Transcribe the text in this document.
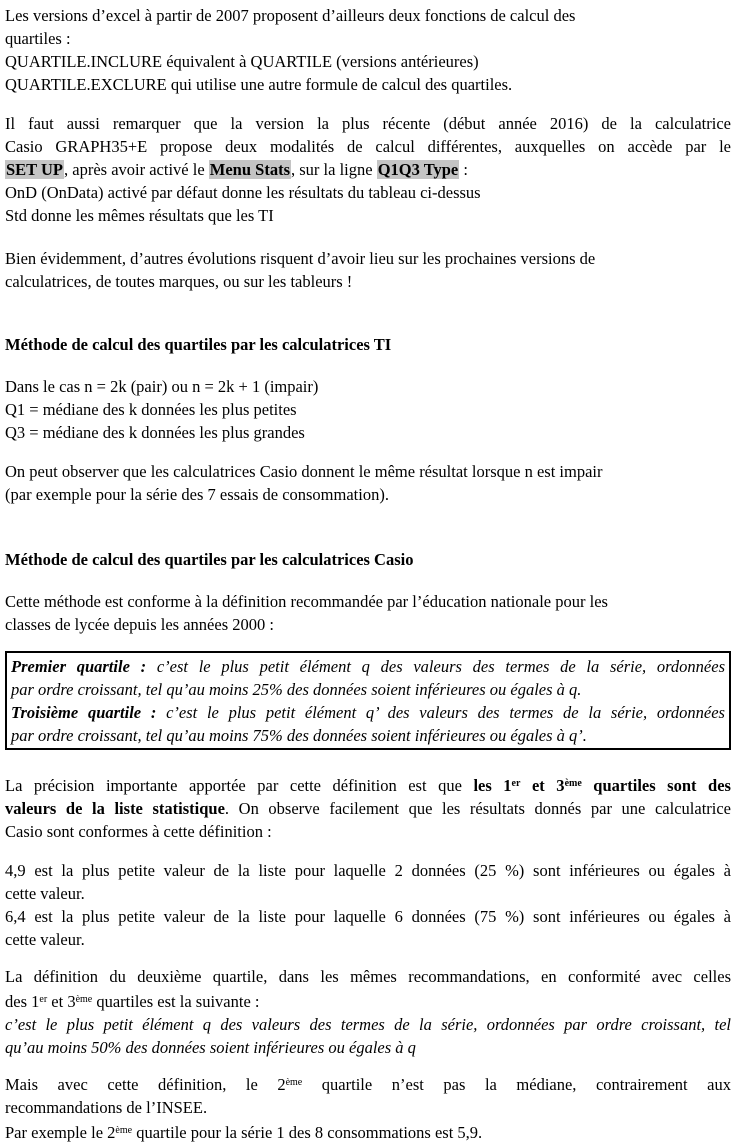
Les versions d’excel à partir de 2007 proposent d’ailleurs deux fonctions de calcul des
quartiles :
QUARTILE.INCLURE équivalent à QUARTILE (versions antérieures)
QUARTILE.EXCLURE qui utilise une autre formule de calcul des quartiles.
Il faut aussi remarquer que la version la plus récente (début année 2016) de la calculatrice
Casio GRAPH35+E propose deux modalités de calcul différentes, auxquelles on accède par le
SET UP, après avoir activé le Menu Stats, sur la ligne Q1Q3 Type :
OnD (OnData) activé par défaut donne les résultats du tableau ci-dessus
Std donne les mêmes résultats que les TI
Bien évidemment, d’autres évolutions risquent d’avoir lieu sur les prochaines versions de
calculatrices, de toutes marques, ou sur les tableurs !
Méthode de calcul des quartiles par les calculatrices TI
Dans le cas n = 2k (pair) ou n = 2k + 1 (impair)
Q1 = médiane des k données les plus petites
Q3 = médiane des k données les plus grandes
On peut observer que les calculatrices Casio donnent le même résultat lorsque n est impair
(par exemple pour la série des 7 essais de consommation).
Méthode de calcul des quartiles par les calculatrices Casio
Cette méthode est conforme à la définition recommandée par l’éducation nationale pour les
classes de lycée depuis les années 2000 :
Premier quartile : c’est le plus petit élément q des valeurs des termes de la série, ordonnées
par ordre croissant, tel qu’au moins 25% des données soient inférieures ou égales à q.
Troisième quartile : c’est le plus petit élément q’ des valeurs des termes de la série, ordonnées
par ordre croissant, tel qu’au moins 75% des données soient inférieures ou égales à q’.
La précision importante apportée par cette définition est que les 1er et 3ème quartiles sont des
valeurs de la liste statistique. On observe facilement que les résultats donnés par une calculatrice
Casio sont conformes à cette définition :
4,9 est la plus petite valeur de la liste pour laquelle 2 données (25 %) sont inférieures ou égales à
cette valeur.
6,4 est la plus petite valeur de la liste pour laquelle 6 données (75 %) sont inférieures ou égales à
cette valeur.
La définition du deuxième quartile, dans les mêmes recommandations, en conformité avec celles
des 1er et 3ème quartiles est la suivante :
c’est le plus petit élément q des valeurs des termes de la série, ordonnées par ordre croissant, tel
qu’au moins 50% des données soient inférieures ou égales à q
Mais avec cette définition, le 2ème quartile n’est pas la médiane, contrairement aux
recommandations de l’INSEE.
Par exemple le 2ème quartile pour la série 1 des 8 consommations est 5,9.
